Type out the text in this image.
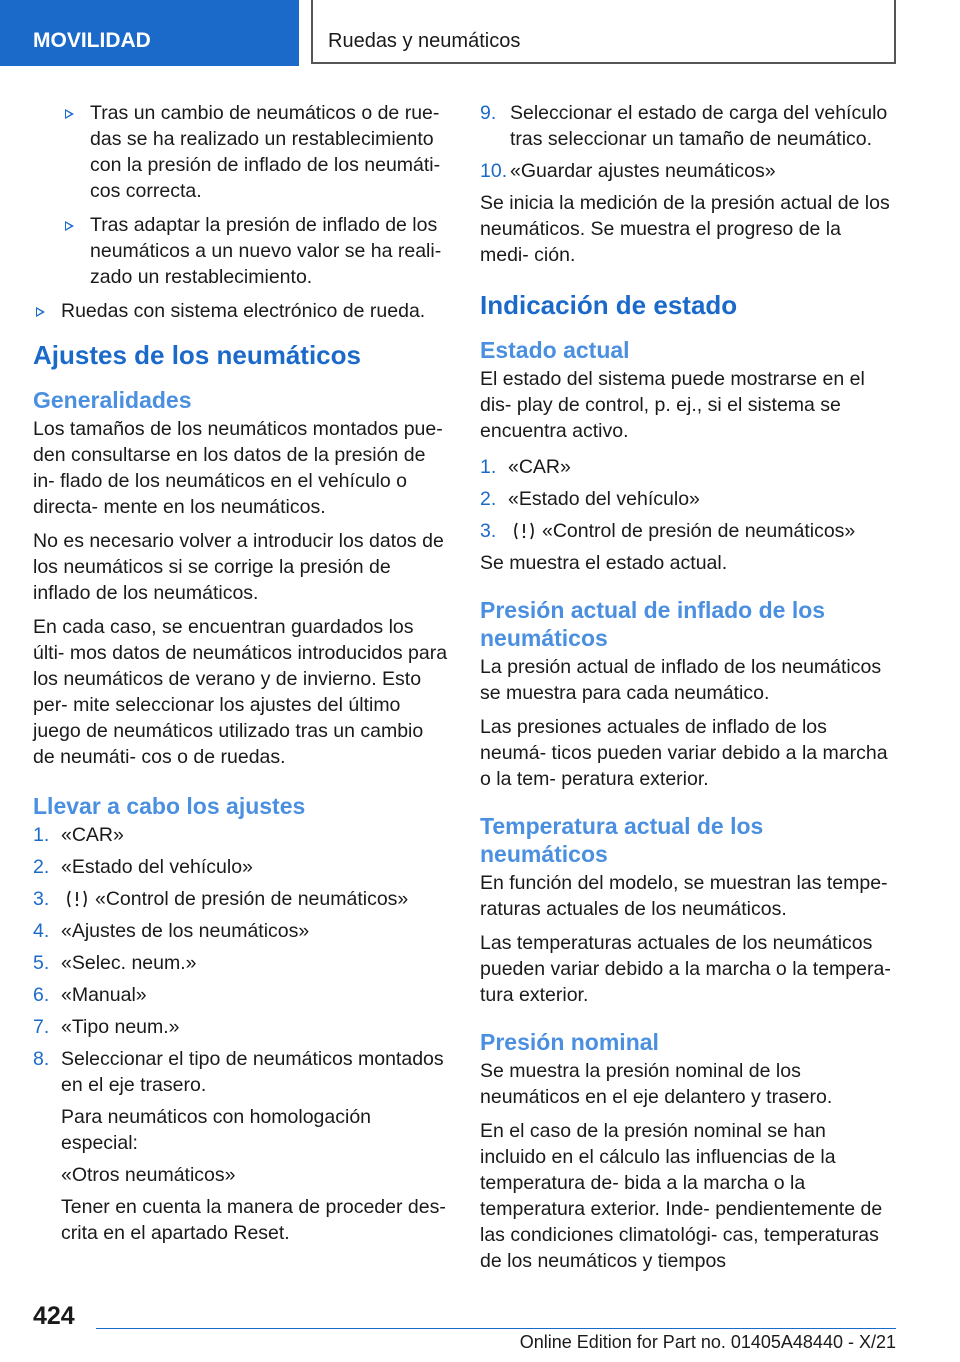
MOVILIDAD	Ruedas y neumáticos
Tras un cambio de neumáticos o de rue‐ das se ha realizado un restablecimiento con la presión de inflado de los neumáti‐ cos correcta.
Tras adaptar la presión de inflado de los neumáticos a un nuevo valor se ha reali‐ zado un restablecimiento.
Ruedas con sistema electrónico de rueda.
Ajustes de los neumáticos
Generalidades

Los tamaños de los neumáticos montados pue‐ den consultarse en los datos de la presión de in‐ flado de los neumáticos en el vehículo o directa‐ mente en los neumáticos.

No es necesario volver a introducir los datos de los neumáticos si se corrige la presión de inflado de los neumáticos.

En cada caso, se encuentran guardados los últi‐ mos datos de neumáticos introducidos para los neumáticos de verano y de invierno. Esto per‐ mite seleccionar los ajustes del último juego de neumáticos utilizado tras un cambio de neumáti‐ cos o de ruedas.

Llevar a cabo los ajustes
1. «CAR»
2. «Estado del vehículo»
3. «Control de presión de neumáticos»
4. «Ajustes de los neumáticos»
5. «Selec. neum.»
6. «Manual»
7. «Tipo neum.»
8. Seleccionar el tipo de neumáticos montados en el eje trasero.
Para neumáticos con homologación especial:
«Otros neumáticos»
Tener en cuenta la manera de proceder des‐ crita en el apartado Reset.
9. Seleccionar el estado de carga del vehículo tras seleccionar un tamaño de neumático.
10. «Guardar ajustes neumáticos»

Se inicia la medición de la presión actual de los neumáticos. Se muestra el progreso de la medi‐ ción.

Indicación de estado
Estado actual

El estado del sistema puede mostrarse en el dis‐ play de control, p. ej., si el sistema se encuentra activo.

1. «CAR»
2. «Estado del vehículo»
3. «Control de presión de neumáticos»

Se muestra el estado actual.

Presión actual de inflado de los neumáticos

La presión actual de inflado de los neumáticos se muestra para cada neumático.

Las presiones actuales de inflado de los neumá‐ ticos pueden variar debido a la marcha o la tem‐ peratura exterior.

Temperatura actual de los neumáticos

En función del modelo, se muestran las tempe‐ raturas actuales de los neumáticos.

Las temperaturas actuales de los neumáticos pueden variar debido a la marcha o la tempera‐ tura exterior.

Presión nominal

Se muestra la presión nominal de los neumáticos en el eje delantero y trasero.

En el caso de la presión nominal se han incluido en el cálculo las influencias de la temperatura de‐ bida a la marcha o la temperatura exterior. Inde‐ pendientemente de las condiciones climatológi‐ cas, temperaturas de los neumáticos y tiempos

424
Online Edition for Part no. 01405A48440 - X/21
